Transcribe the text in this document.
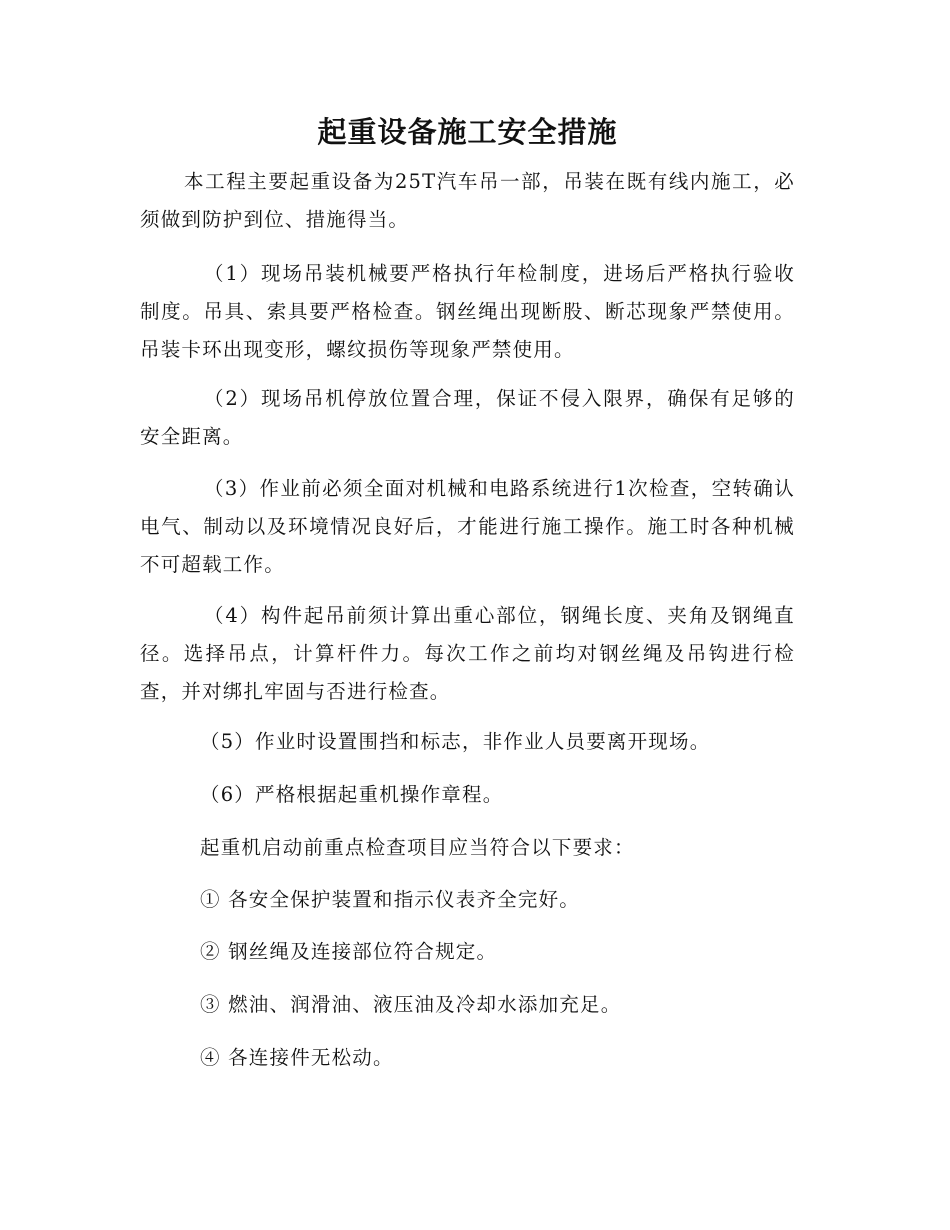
起重设备施工安全措施

本工程主要起重设备为25T汽车吊一部，吊装在既有线内施工，必须做到防护到位、措施得当。

（1）现场吊装机械要严格执行年检制度，进场后严格执行验收制度。吊具、索具要严格检查。钢丝绳出现断股、断芯现象严禁使用。吊装卡环出现变形，螺纹损伤等现象严禁使用。

（2）现场吊机停放位置合理，保证不侵入限界，确保有足够的安全距离。

（3）作业前必须全面对机械和电路系统进行1次检查，空转确认电气、制动以及环境情况良好后，才能进行施工操作。施工时各种机械不可超载工作。

（4）构件起吊前须计算出重心部位，钢绳长度、夹角及钢绳直径。选择吊点，计算杆件力。每次工作之前均对钢丝绳及吊钩进行检查，并对绑扎牢固与否进行检查。

（5）作业时设置围挡和标志，非作业人员要离开现场。

（6）严格根据起重机操作章程。

起重机启动前重点检查项目应当符合以下要求：

① 各安全保护装置和指示仪表齐全完好。

② 钢丝绳及连接部位符合规定。

③ 燃油、润滑油、液压油及冷却水添加充足。

④ 各连接件无松动。
